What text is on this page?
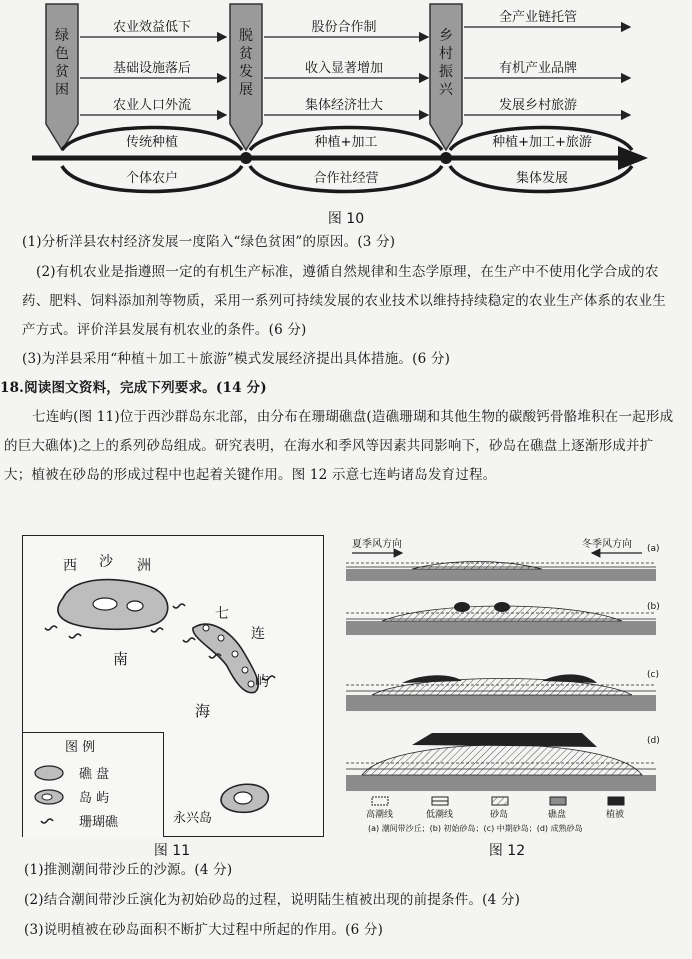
绿
色
贫
困
农业效益低下
基础设施落后
农业人口外流
传统种植
个体农户
脱
贫
发
展
股份合作制
收入显著增加
集体经济壮大
种植+加工
合作社经营
乡
村
振
兴
全产业链托管
有机产业品牌
发展乡村旅游
种植+加工+旅游
集体发展
图 10
(1)分析洋县农村经济发展一度陷入“绿色贫困”的原因。(3 分)
(2)有机农业是指遵照一定的有机生产标准，遵循自然规律和生态学原理，在生产中不使用化学合成的农药、肥料、饲料添加剂等物质，采用一系列可持续发展的农业技术以维持持续稳定的农业生产体系的农业生产方式。评价洋县发展有机农业的条件。(6 分)
(3)为洋县采用“种植＋加工＋旅游”模式发展经济提出具体措施。(6 分)
18.阅读图文资料，完成下列要求。(14 分)
七连屿(图 11)位于西沙群岛东北部，由分布在珊瑚礁盘(造礁珊瑚和其他生物的碳酸钙骨骼堆积在一起形成的巨大礁体)之上的系列砂岛组成。研究表明，在海水和季风等因素共同影响下，砂岛在礁盘上逐渐形成并扩大；植被在砂岛的形成过程中也起着关键作用。图 12 示意七连屿诸岛发育过程。
西 沙 洲
七
连
屿
南
海
永兴岛
图 例
礁 盘
岛 屿
珊瑚礁
图 11
夏季风方向	冬季风方向 (a)
(b)
(c)
(d)
高潮线	低潮线	砂岛	礁盘	植被
(a) 潮间带沙丘；(b) 初始砂岛；(c) 中期砂岛；(d) 成熟砂岛
图 12
(1)推测潮间带沙丘的沙源。(4 分)
(2)结合潮间带沙丘演化为初始砂岛的过程，说明陆生植被出现的前提条件。(4 分)
(3)说明植被在砂岛面积不断扩大过程中所起的作用。(6 分)
